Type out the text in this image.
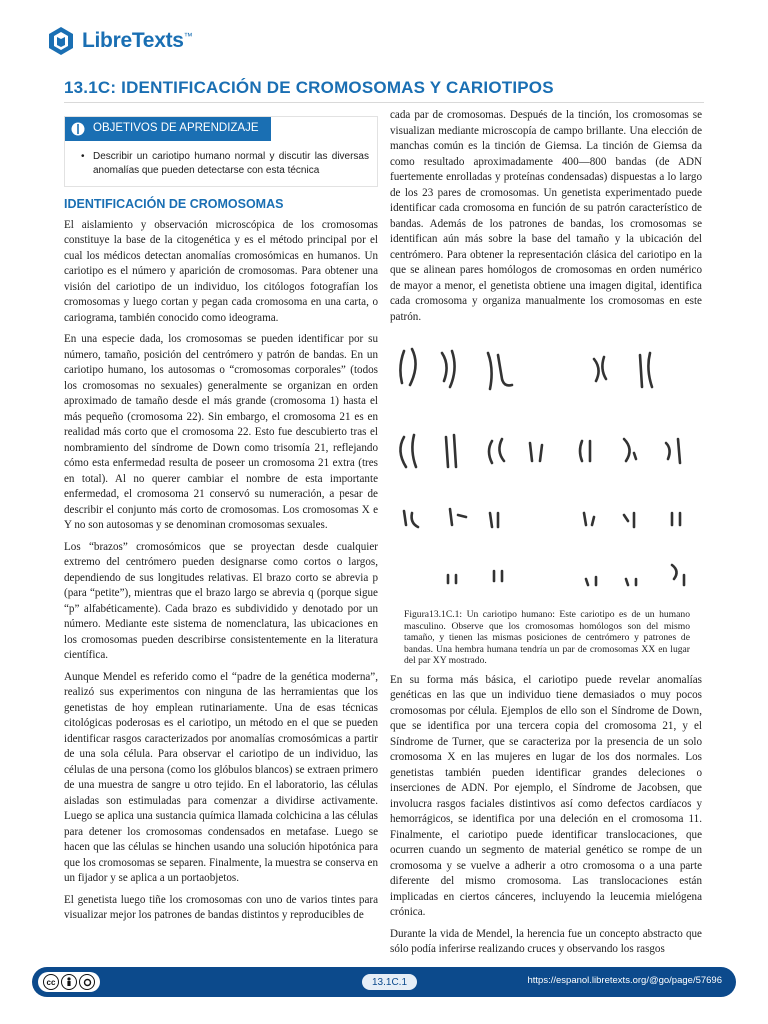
LibreTexts™
13.1C: IDENTIFICACIÓN DE CROMOSOMAS Y CARIOTIPOS
OBJETIVOS DE APRENDIZAJE
• Describir un cariotipo humano normal y discutir las diversas anomalías que pueden detectarse con esta técnica
IDENTIFICACIÓN DE CROMOSOMAS

El aislamiento y observación microscópica de los cromosomas constituye la base de la citogenética y es el método principal por el cual los médicos detectan anomalías cromosómicas en humanos. Un cariotipo es el número y aparición de cromosomas. Para obtener una visión del cariotipo de un individuo, los citólogos fotografían los cromosomas y luego cortan y pegan cada cromosoma en una carta, o cariograma, también conocido como ideograma.

En una especie dada, los cromosomas se pueden identificar por su número, tamaño, posición del centrómero y patrón de bandas. En un cariotipo humano, los autosomas o “cromosomas corporales” (todos los cromosomas no sexuales) generalmente se organizan en orden aproximado de tamaño desde el más grande (cromosoma 1) hasta el más pequeño (cromosoma 22). Sin embargo, el cromosoma 21 es en realidad más corto que el cromosoma 22. Esto fue descubierto tras el nombramiento del síndrome de Down como trisomía 21, reflejando cómo esta enfermedad resulta de poseer un cromosoma 21 extra (tres en total). Al no querer cambiar el nombre de esta importante enfermedad, el cromosoma 21 conservó su numeración, a pesar de describir el conjunto más corto de cromosomas. Los cromosomas X e Y no son autosomas y se denominan cromosomas sexuales.

Los “brazos” cromosómicos que se proyectan desde cualquier extremo del centrómero pueden designarse como cortos o largos, dependiendo de sus longitudes relativas. El brazo corto se abrevia p (para “petite”), mientras que el brazo largo se abrevia q (porque sigue “p” alfabéticamente). Cada brazo es subdividido y denotado por un número. Mediante este sistema de nomenclatura, las ubicaciones en los cromosomas pueden describirse consistentemente en la literatura científica.

Aunque Mendel es referido como el “padre de la genética moderna”, realizó sus experimentos con ninguna de las herramientas que los genetistas de hoy emplean rutinariamente. Una de esas técnicas citológicas poderosas es el cariotipo, un método en el que se pueden identificar rasgos caracterizados por anomalías cromosómicas a partir de una sola célula. Para observar el cariotipo de un individuo, las células de una persona (como los glóbulos blancos) se extraen primero de una muestra de sangre u otro tejido. En el laboratorio, las células aisladas son estimuladas para comenzar a dividirse activamente. Luego se aplica una sustancia química llamada colchicina a las células para detener los cromosomas condensados en metafase. Luego se hacen que las células se hinchen usando una solución hipotónica para que los cromosomas se separen. Finalmente, la muestra se conserva en un fijador y se aplica a un portaobjetos.

El genetista luego tiñe los cromosomas con uno de varios tintes para visualizar mejor los patrones de bandas distintos y reproducibles de

cada par de cromosomas. Después de la tinción, los cromosomas se visualizan mediante microscopía de campo brillante. Una elección de manchas común es la tinción de Giemsa. La tinción de Giemsa da como resultado aproximadamente 400—800 bandas (de ADN fuertemente enrolladas y proteínas condensadas) dispuestas a lo largo de los 23 pares de cromosomas. Un genetista experimentado puede identificar cada cromosoma en función de su patrón característico de bandas. Además de los patrones de bandas, los cromosomas se identifican aún más sobre la base del tamaño y la ubicación del centrómero. Para obtener la representación clásica del cariotipo en la que se alinean pares homólogos de cromosomas en orden numérico de mayor a menor, el genetista obtiene una imagen digital, identifica cada cromosoma y organiza manualmente los cromosomas en este patrón.

Figura13.1C.1: Un cariotipo humano: Este cariotipo es de un humano masculino. Observe que los cromosomas homólogos son del mismo tamaño, y tienen las mismas posiciones de centrómero y patrones de bandas. Una hembra humana tendría un par de cromosomas XX en lugar del par XY mostrado.

En su forma más básica, el cariotipo puede revelar anomalías genéticas en las que un individuo tiene demasiados o muy pocos cromosomas por célula. Ejemplos de ello son el Síndrome de Down, que se identifica por una tercera copia del cromosoma 21, y el Síndrome de Turner, que se caracteriza por la presencia de un solo cromosoma X en las mujeres en lugar de los dos normales. Los genetistas también pueden identificar grandes deleciones o inserciones de ADN. Por ejemplo, el Síndrome de Jacobsen, que involucra rasgos faciales distintivos así como defectos cardíacos y hemorrágicos, se identifica por una deleción en el cromosoma 11. Finalmente, el cariotipo puede identificar translocaciones, que ocurren cuando un segmento de material genético se rompe de un cromosoma y se vuelve a adherir a otro cromosoma o a una parte diferente del mismo cromosoma. Las translocaciones están implicadas en ciertos cánceres, incluyendo la leucemia mielógena crónica.

Durante la vida de Mendel, la herencia fue un concepto abstracto que sólo podía inferirse realizando cruces y observando los rasgos

cc	13.1C.1	https://espanol.libretexts.org/@go/page/57696
